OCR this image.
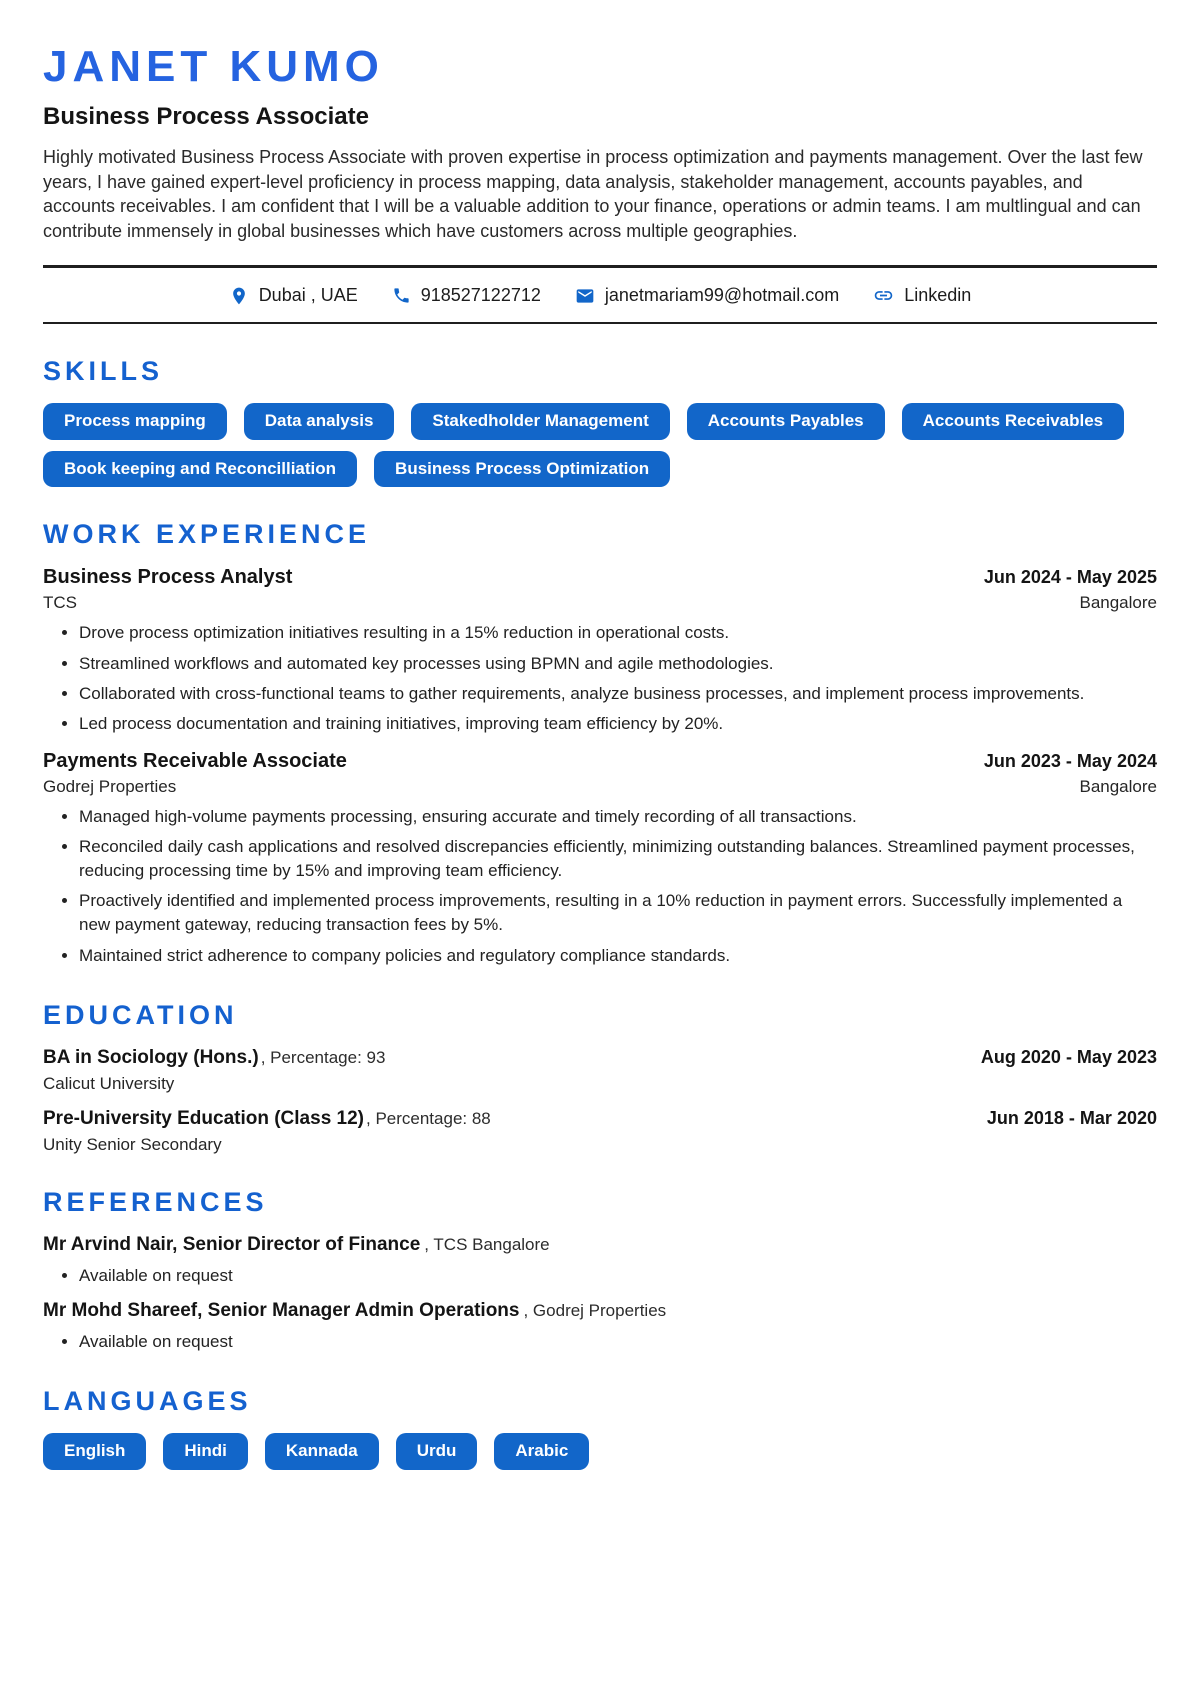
JANET KUMO
Business Process Associate

Highly motivated Business Process Associate with proven expertise in process optimization and payments management. Over the last few years, I have gained expert-level proficiency in process mapping, data analysis, stakeholder management, accounts payables, and accounts receivables. I am confident that I will be a valuable addition to your finance, operations or admin teams. I am multlingual and can contribute immensely in global businesses which have customers across multiple geographies.

Dubai , UAE	918527122712	janetmariam99@hotmail.com	Linkedin
SKILLS
Process mapping	Data analysis	Stakedholder Management	Accounts Payables	Accounts Receivables
Book keeping and Reconcilliation	Business Process Optimization
WORK EXPERIENCE
Business Process Analyst	Jun 2024 - May 2025
TCS	Bangalore
• Drove process optimization initiatives resulting in a 15% reduction in operational costs.
• Streamlined workflows and automated key processes using BPMN and agile methodologies.
• Collaborated with cross-functional teams to gather requirements, analyze business processes, and implement process improvements.
• Led process documentation and training initiatives, improving team efficiency by 20%.
Payments Receivable Associate	Jun 2023 - May 2024
Godrej Properties	Bangalore
• Managed high-volume payments processing, ensuring accurate and timely recording of all transactions.
• Reconciled daily cash applications and resolved discrepancies efficiently, minimizing outstanding balances. Streamlined payment processes, reducing processing time by 15% and improving team efficiency.
• Proactively identified and implemented process improvements, resulting in a 10% reduction in payment errors. Successfully implemented a new payment gateway, reducing transaction fees by 5%.
• Maintained strict adherence to company policies and regulatory compliance standards.
EDUCATION
BA in Sociology (Hons.) , Percentage: 93	Aug 2020 - May 2023
Calicut University
Pre-University Education (Class 12) , Percentage: 88	Jun 2018 - Mar 2020
Unity Senior Secondary
REFERENCES
Mr Arvind Nair, Senior Director of Finance , TCS Bangalore
• Available on request
Mr Mohd Shareef, Senior Manager Admin Operations , Godrej Properties
• Available on request
LANGUAGES
English	Hindi	Kannada	Urdu	Arabic
